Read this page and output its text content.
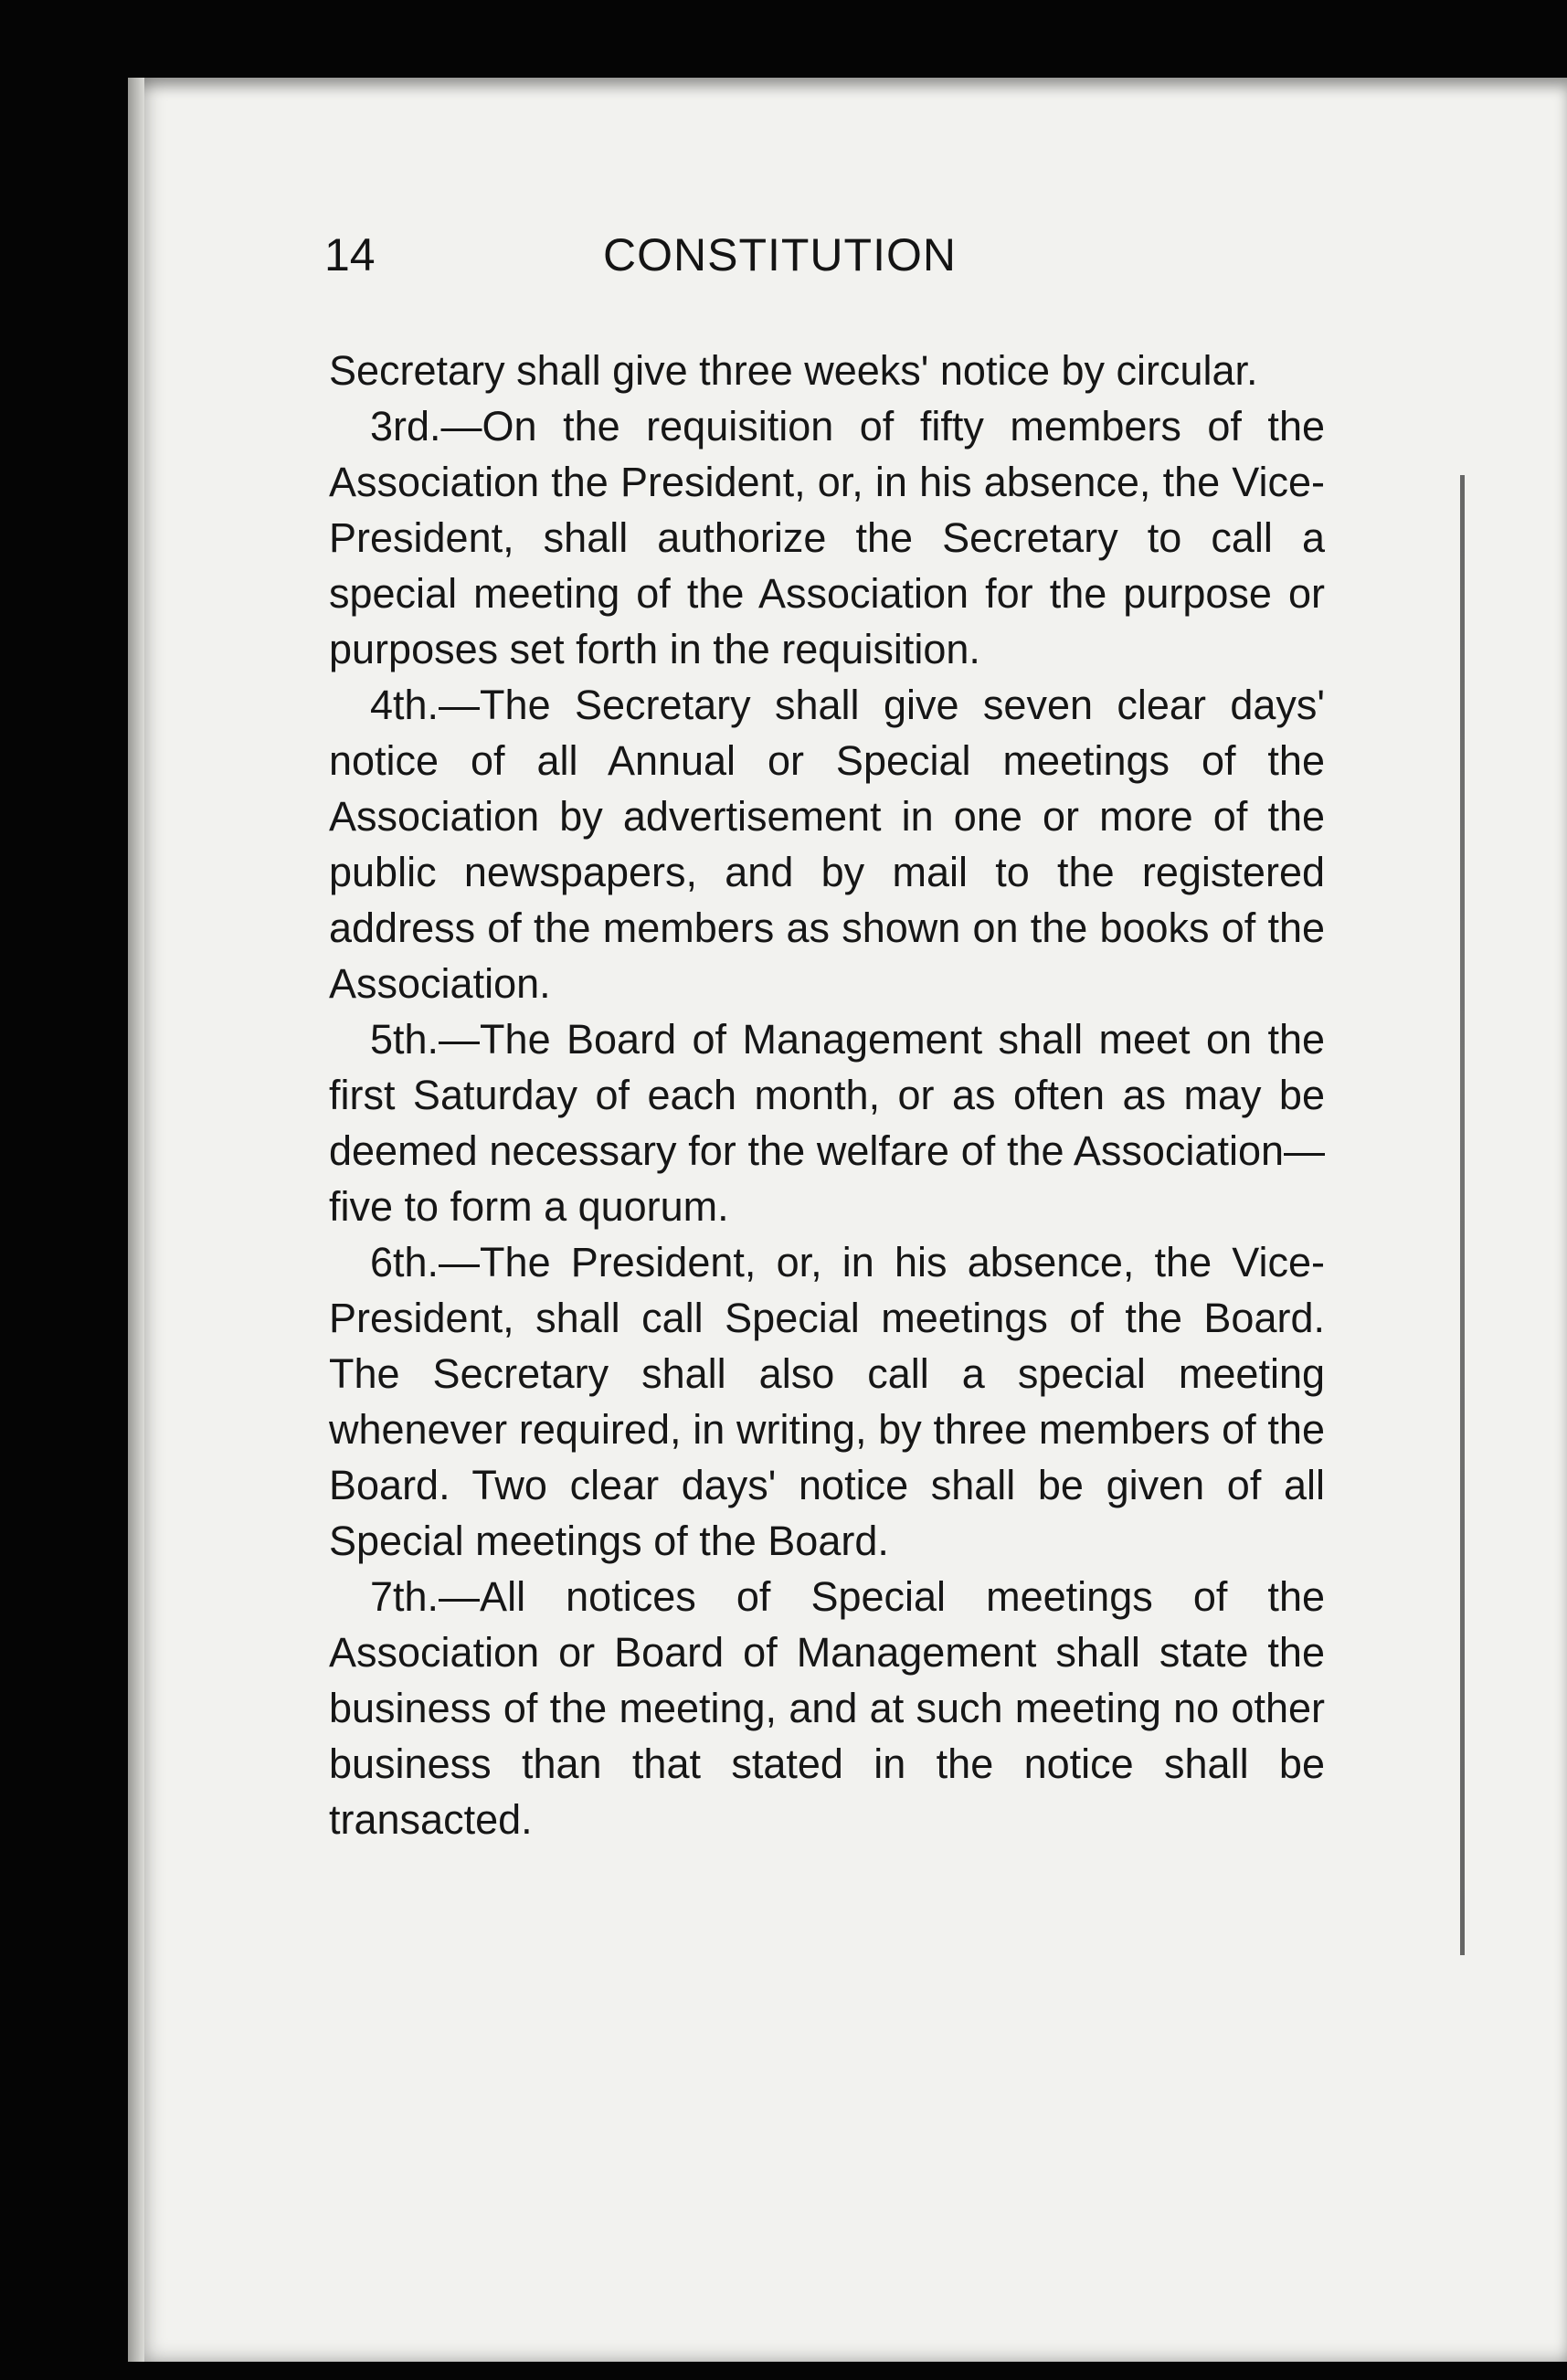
14	CONSTITUTION

Secretary shall give three weeks' notice by circular.

3rd.—On the requisition of fifty members of the Association the President, or, in his absence, the Vice-President, shall authorize the Secretary to call a special meeting of the Association for the purpose or purposes set forth in the requisition.

4th.—The Secretary shall give seven clear days' notice of all Annual or Special meetings of the Association by advertisement in one or more of the public newspapers, and by mail to the registered address of the members as shown on the books of the Association.

5th.—The Board of Management shall meet on the first Saturday of each month, or as often as may be deemed necessary for the welfare of the Association—five to form a quorum.

6th.—The President, or, in his absence, the Vice-President, shall call Special meetings of the Board. The Secretary shall also call a special meeting whenever required, in writing, by three members of the Board. Two clear days' notice shall be given of all Special meetings of the Board.

7th.—All notices of Special meetings of the Association or Board of Management shall state the business of the meeting, and at such meeting no other business than that stated in the notice shall be transacted.
